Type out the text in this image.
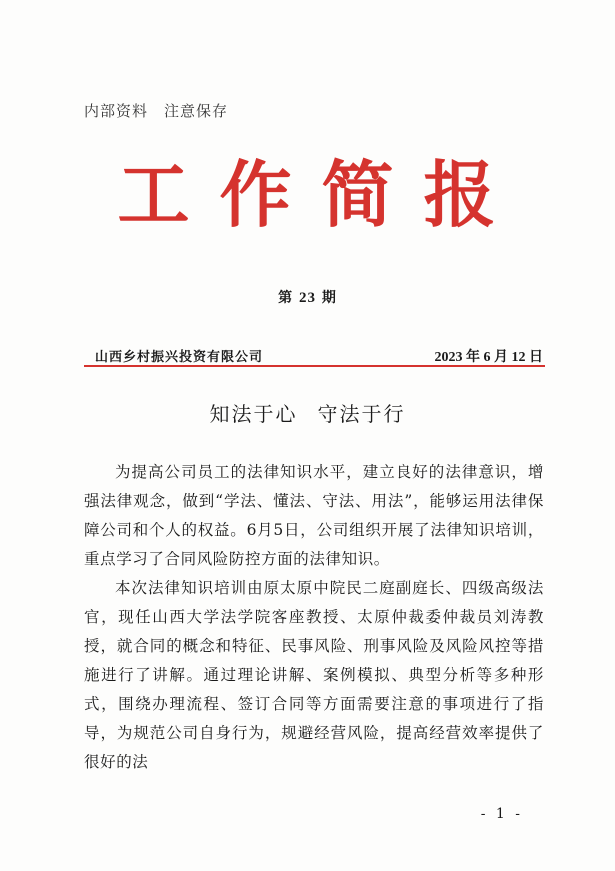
内部资料　注意保存
工作简报
第 23 期
山西乡村振兴投资有限公司	2023 年 6 月 12 日
知法于心 守法于行

为提高公司员工的法律知识水平，建立良好的法律意识，增强法律观念，做到“学法、懂法、守法、用法”，能够运用法律保障公司和个人的权益。6月5日，公司组织开展了法律知识培训，重点学习了合同风险防控方面的法律知识。

本次法律知识培训由原太原中院民二庭副庭长、四级高级法官，现任山西大学法学院客座教授、太原仲裁委仲裁员刘涛教授，就合同的概念和特征、民事风险、刑事风险及风险风控等措施进行了讲解。通过理论讲解、案例模拟、典型分析等多种形式，围绕办理流程、签订合同等方面需要注意的事项进行了指导，为规范公司自身行为，规避经营风险，提高经营效率提供了很好的法

- 1 -
